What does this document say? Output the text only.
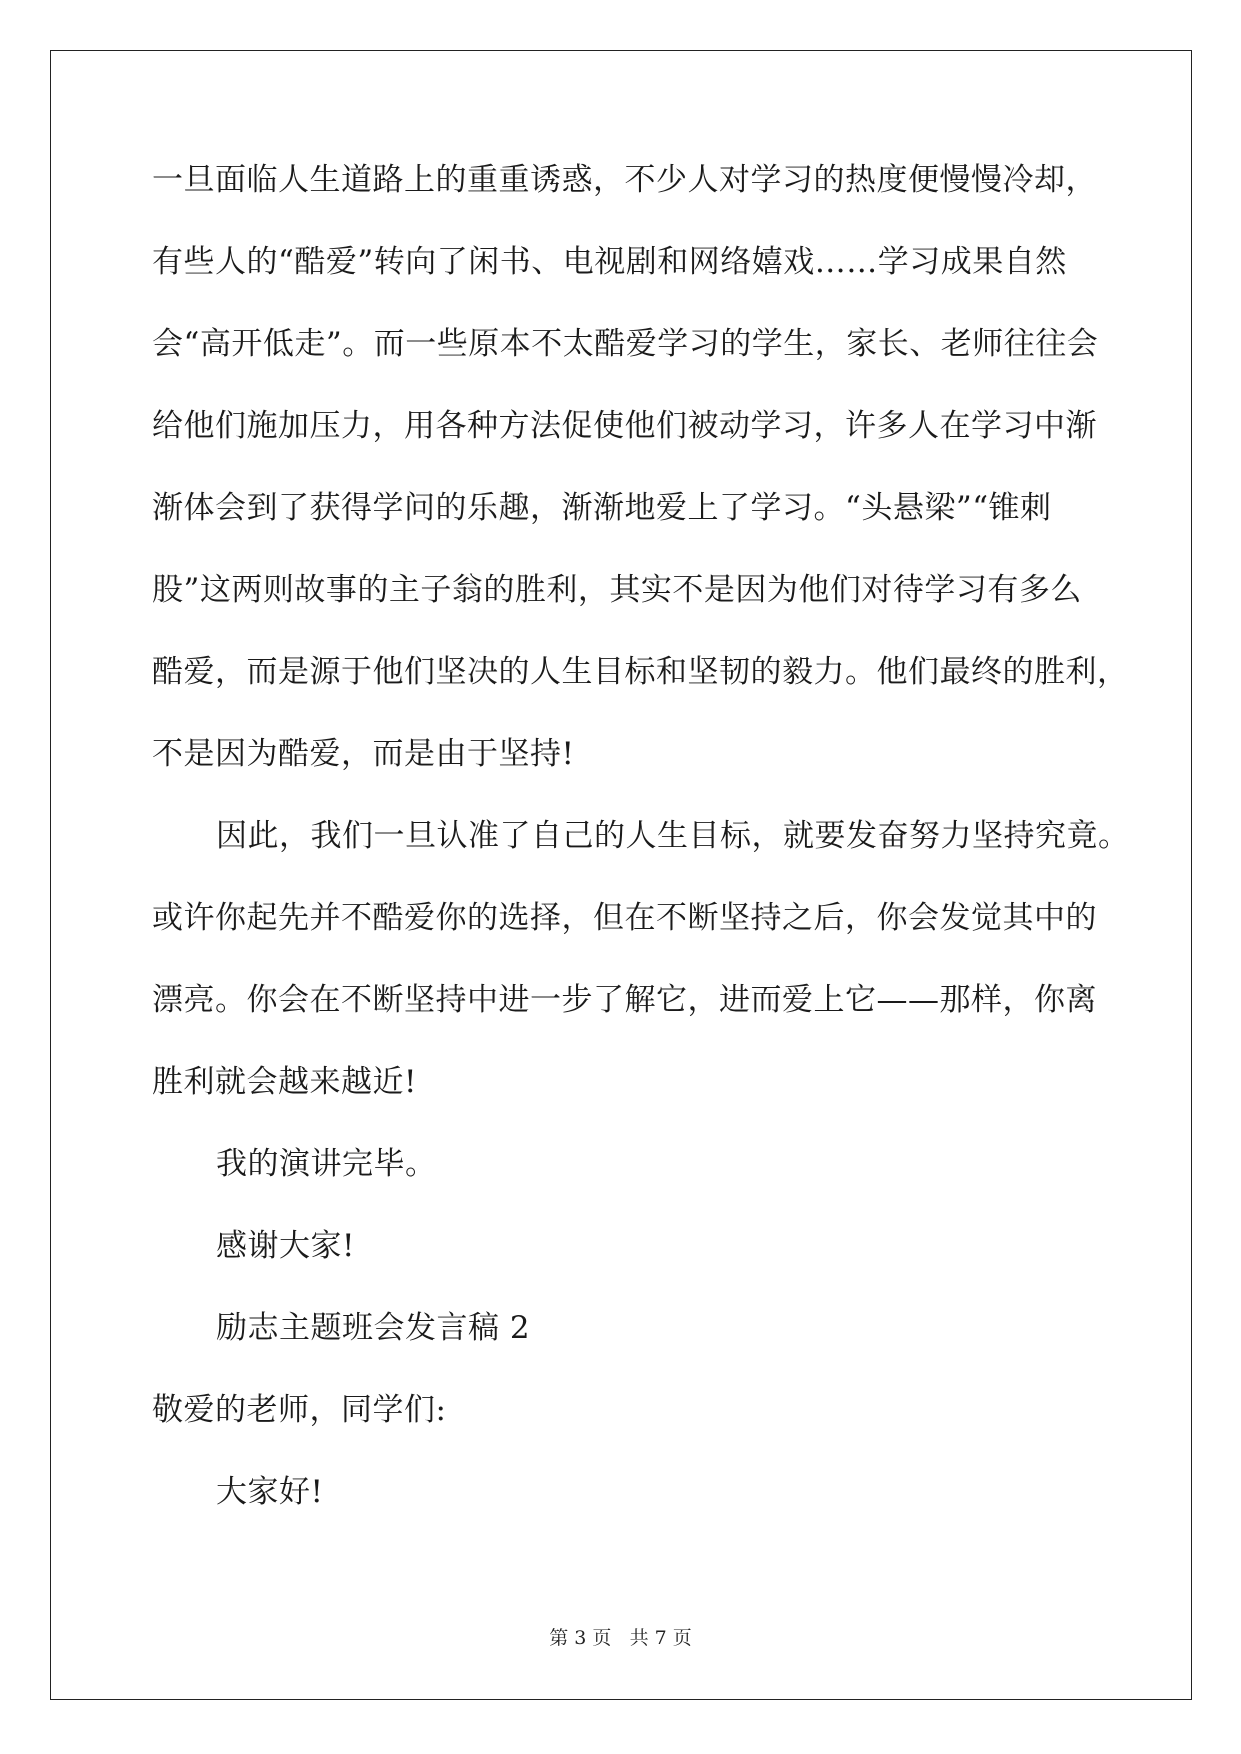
一旦面临人生道路上的重重诱惑，不少人对学习的热度便慢慢冷却，
有些人的“酷爱”转向了闲书、电视剧和网络嬉戏……学习成果自然
会“高开低走”。而一些原本不太酷爱学习的学生，家长、老师往往会
给他们施加压力，用各种方法促使他们被动学习，许多人在学习中渐
渐体会到了获得学问的乐趣，渐渐地爱上了学习。“头悬梁”“锥刺
股”这两则故事的主子翁的胜利，其实不是因为他们对待学习有多么
酷爱，而是源于他们坚决的人生目标和坚韧的毅力。他们最终的胜利，
不是因为酷爱，而是由于坚持!
因此，我们一旦认准了自己的人生目标，就要发奋努力坚持究竟。
或许你起先并不酷爱你的选择，但在不断坚持之后，你会发觉其中的
漂亮。你会在不断坚持中进一步了解它，进而爱上它——那样，你离
胜利就会越来越近!
我的演讲完毕。
感谢大家!
励志主题班会发言稿 2
敬爱的老师，同学们:
大家好!
第 3 页 共 7 页
